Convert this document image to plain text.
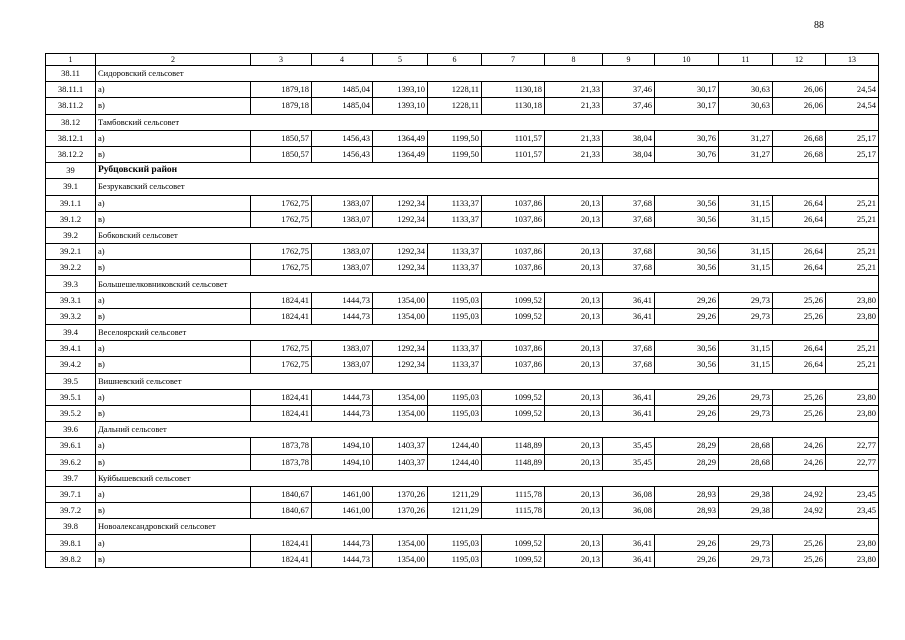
88
1	2	3	4	5	6	7	8	9	10	11	12	13
38.11	Сидоровский сельсовет											
38.11.1	а)	1879,18	1485,04	1393,10	1228,11	1130,18	21,33	37,46	30,17	30,63	26,06	24,54
38.11.2	в)	1879,18	1485,04	1393,10	1228,11	1130,18	21,33	37,46	30,17	30,63	26,06	24,54
38.12	Тамбовский сельсовет											
38.12.1	а)	1850,57	1456,43	1364,49	1199,50	1101,57	21,33	38,04	30,76	31,27	26,68	25,17
38.12.2	в)	1850,57	1456,43	1364,49	1199,50	1101,57	21,33	38,04	30,76	31,27	26,68	25,17
39	Рубцовский район											
39.1	Безрукавский сельсовет											
39.1.1	а)	1762,75	1383,07	1292,34	1133,37	1037,86	20,13	37,68	30,56	31,15	26,64	25,21
39.1.2	в)	1762,75	1383,07	1292,34	1133,37	1037,86	20,13	37,68	30,56	31,15	26,64	25,21
39.2	Бобковский сельсовет											
39.2.1	а)	1762,75	1383,07	1292,34	1133,37	1037,86	20,13	37,68	30,56	31,15	26,64	25,21
39.2.2	в)	1762,75	1383,07	1292,34	1133,37	1037,86	20,13	37,68	30,56	31,15	26,64	25,21
39.3	Большешелковниковский сельсовет											
39.3.1	а)	1824,41	1444,73	1354,00	1195,03	1099,52	20,13	36,41	29,26	29,73	25,26	23,80
39.3.2	в)	1824,41	1444,73	1354,00	1195,03	1099,52	20,13	36,41	29,26	29,73	25,26	23,80
39.4	Веселоярский сельсовет											
39.4.1	а)	1762,75	1383,07	1292,34	1133,37	1037,86	20,13	37,68	30,56	31,15	26,64	25,21
39.4.2	в)	1762,75	1383,07	1292,34	1133,37	1037,86	20,13	37,68	30,56	31,15	26,64	25,21
39.5	Вишневский сельсовет											
39.5.1	а)	1824,41	1444,73	1354,00	1195,03	1099,52	20,13	36,41	29,26	29,73	25,26	23,80
39.5.2	в)	1824,41	1444,73	1354,00	1195,03	1099,52	20,13	36,41	29,26	29,73	25,26	23,80
39.6	Дальний сельсовет											
39.6.1	а)	1873,78	1494,10	1403,37	1244,40	1148,89	20,13	35,45	28,29	28,68	24,26	22,77
39.6.2	в)	1873,78	1494,10	1403,37	1244,40	1148,89	20,13	35,45	28,29	28,68	24,26	22,77
39.7	Куйбышевский сельсовет											
39.7.1	а)	1840,67	1461,00	1370,26	1211,29	1115,78	20,13	36,08	28,93	29,38	24,92	23,45
39.7.2	в)	1840,67	1461,00	1370,26	1211,29	1115,78	20,13	36,08	28,93	29,38	24,92	23,45
39.8	Новоалександровский сельсовет											
39.8.1	а)	1824,41	1444,73	1354,00	1195,03	1099,52	20,13	36,41	29,26	29,73	25,26	23,80
39.8.2	в)	1824,41	1444,73	1354,00	1195,03	1099,52	20,13	36,41	29,26	29,73	25,26	23,80
